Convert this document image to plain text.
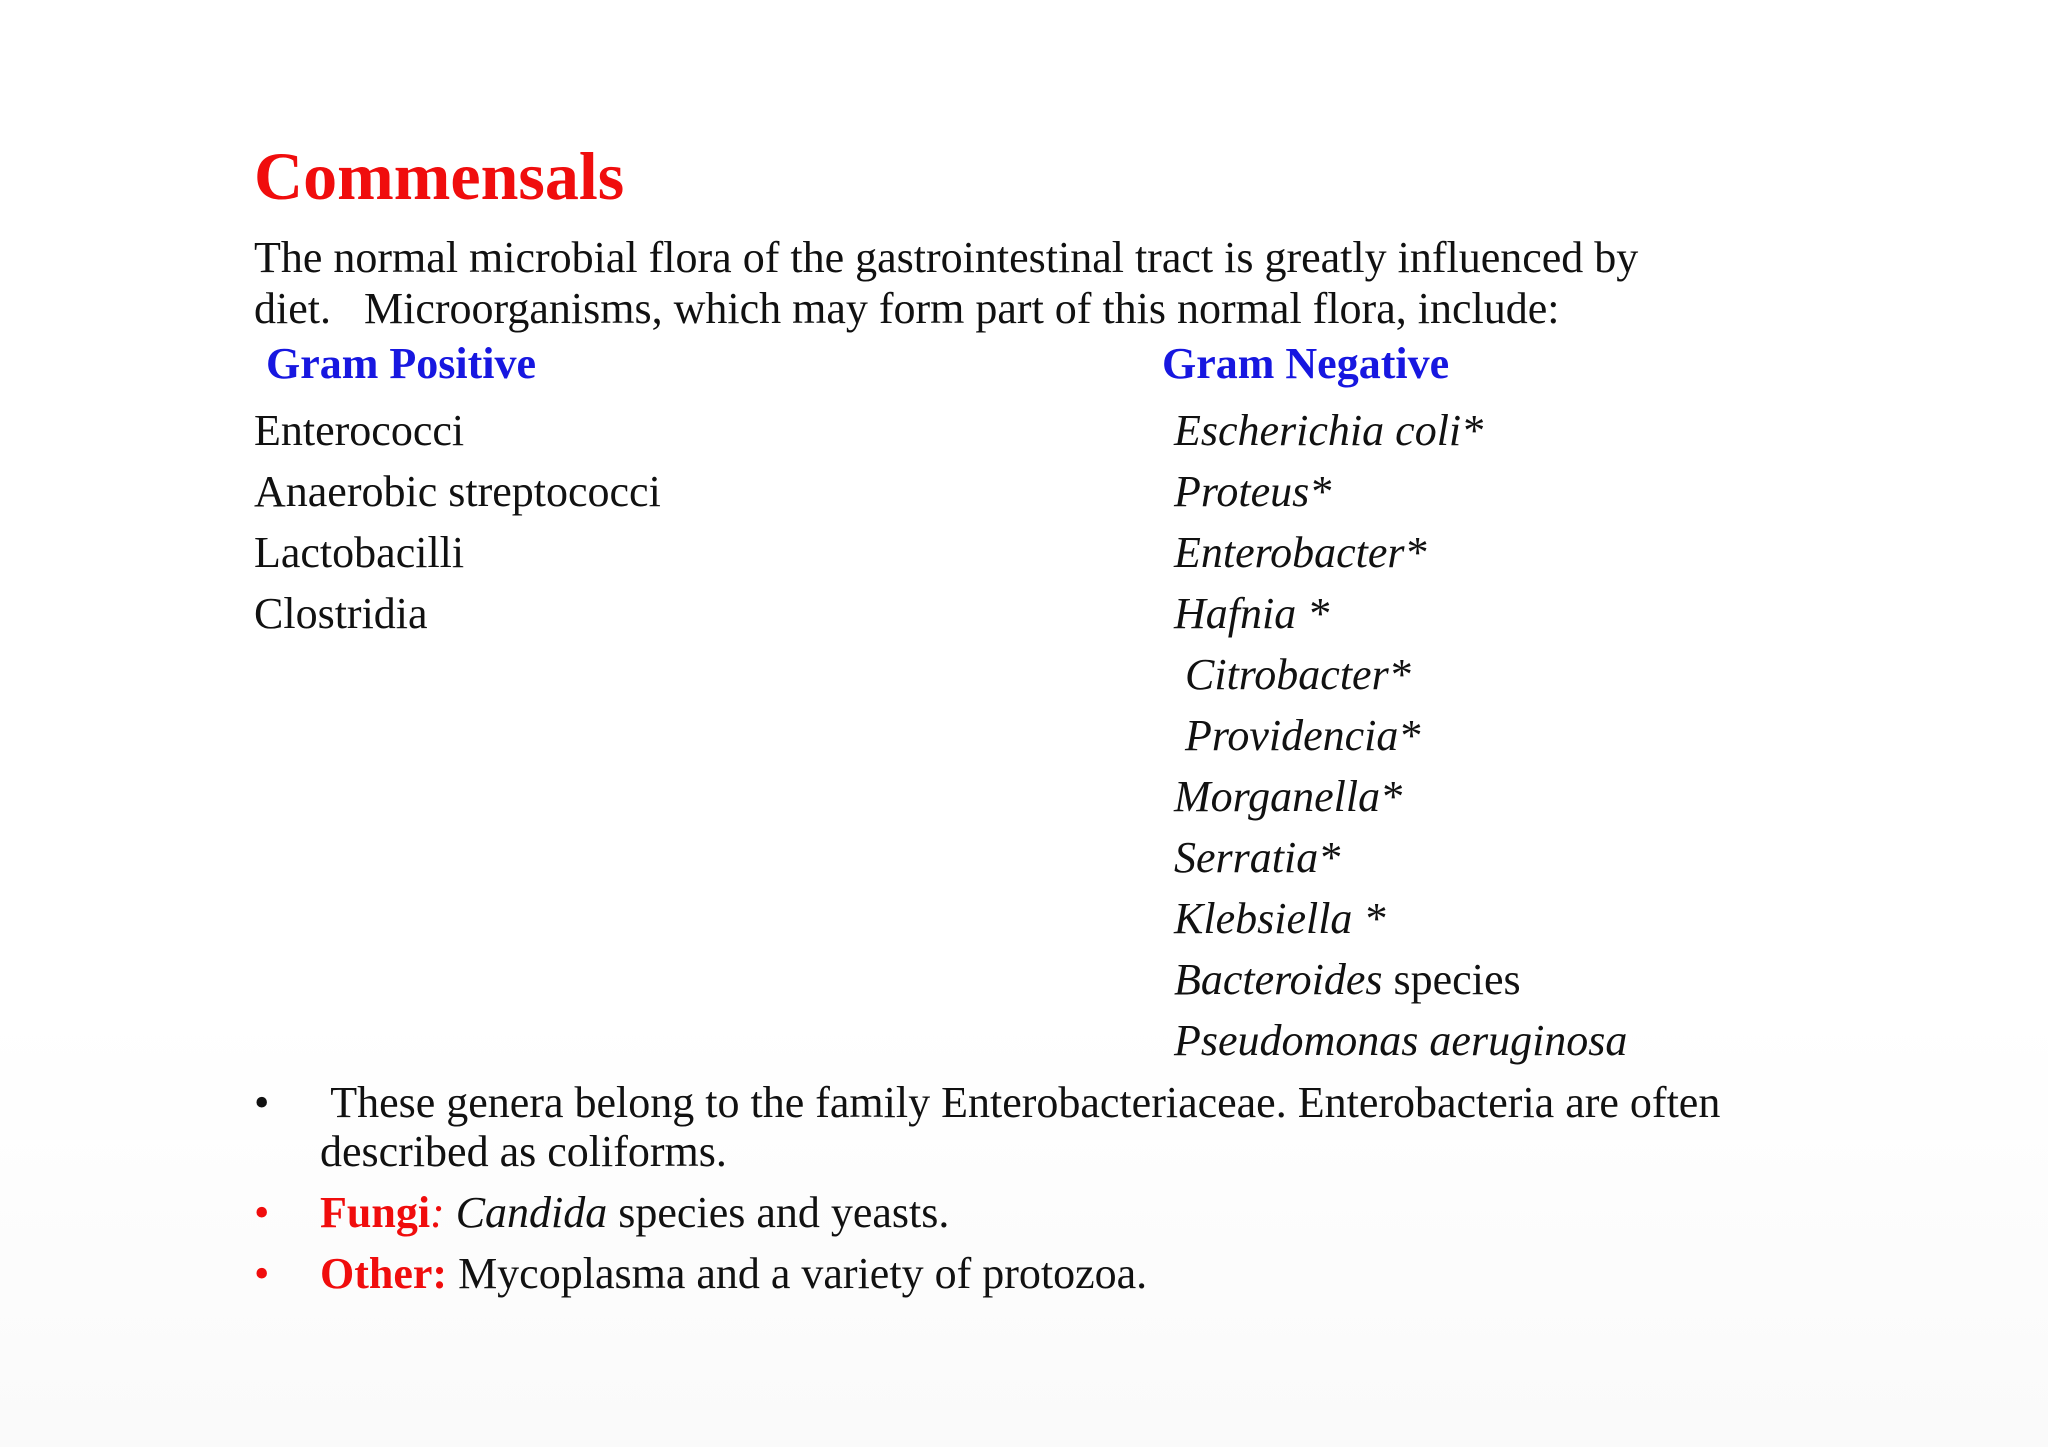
Commensals
The normal microbial flora of the gastrointestinal tract is greatly influenced by
diet.   Microorganisms, which may form part of this normal flora, include:
Gram Positive	Gram Negative
Enterococci
Anaerobic streptococci
Lactobacilli
Clostridia
Escherichia coli*
Proteus*
Enterobacter*
Hafnia *
Citrobacter*
Providencia*
Morganella*
Serratia*
Klebsiella *
Bacteroides species
Pseudomonas aeruginosa
• These genera belong to the family Enterobacteriaceae. Enterobacteria are often
described as coliforms.
• Fungi: Candida species and yeasts.
• Other: Mycoplasma and a variety of protozoa.
